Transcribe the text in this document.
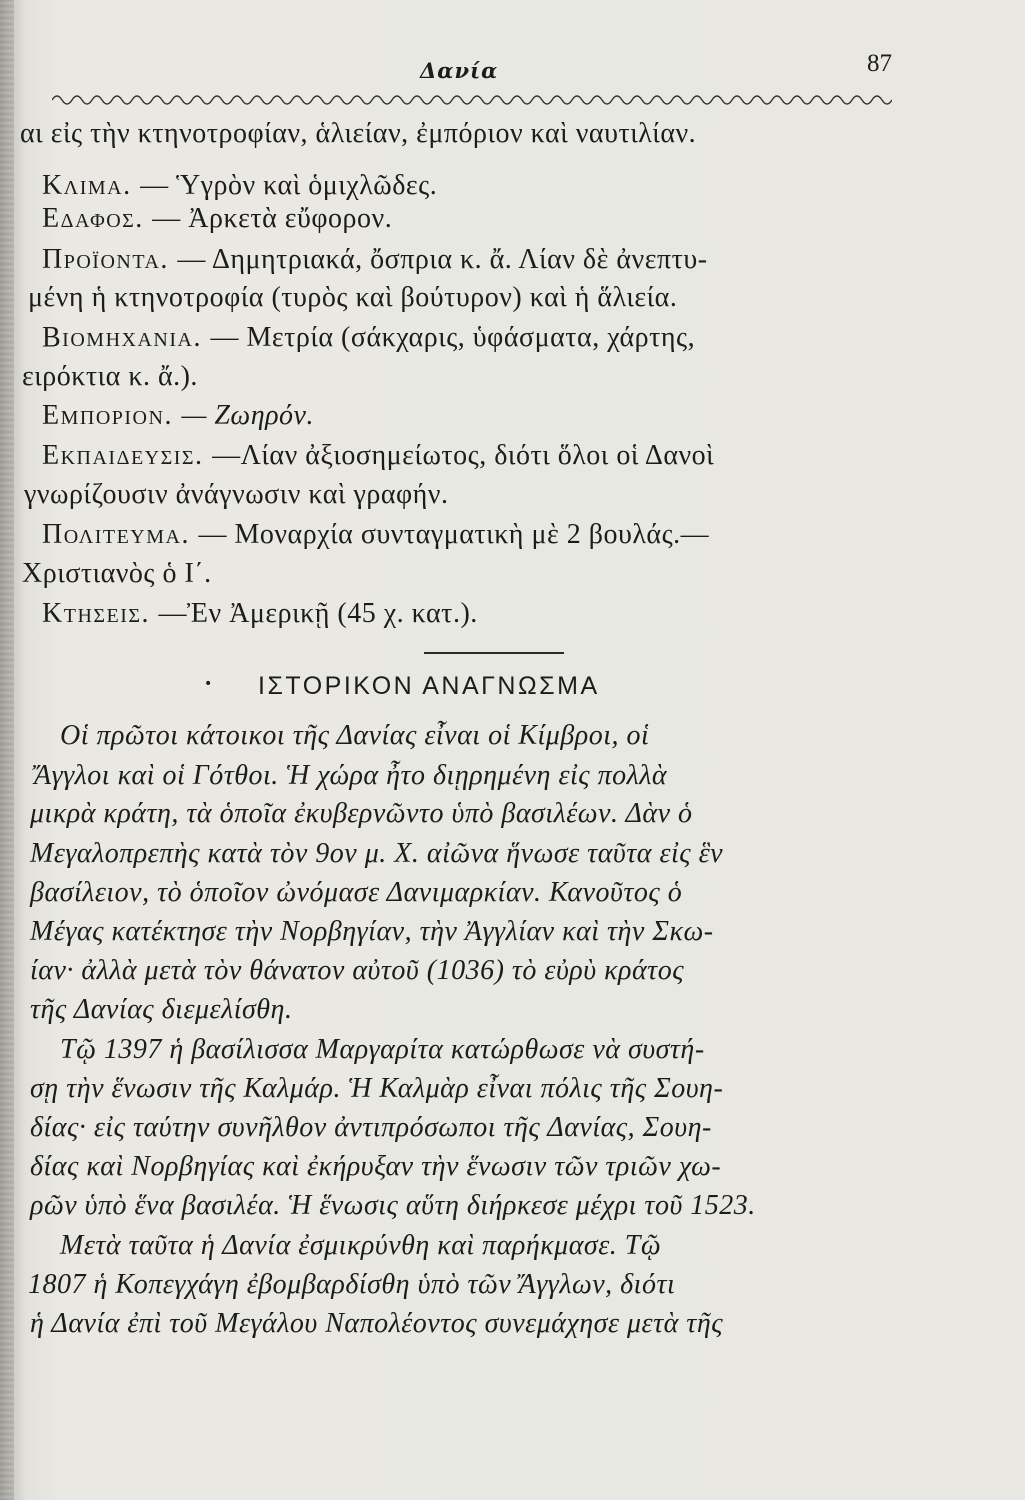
Δανία	87
αι εἰς τὴν κτηνοτροφίαν, ἁλιείαν, ἐμπόριον καὶ ναυτιλίαν.
Κλιμα. — Ὑγρὸν καὶ ὁμιχλῶδες.
Εδαφος. — Ἀρκετὰ εὔφορον.
Προϊοντα. — Δημητριακά, ὄσπρια κ. ἄ. Λίαν δὲ ἀνεπτυ-
μένη ἡ κτηνοτροφία (τυρὸς καὶ βούτυρον) καὶ ἡ ἅλιεία.
Βιομηχανια. — Μετρία (σάκχαρις, ὑφάσματα, χάρτης,
ειρόκτια κ. ἄ.).
Εμποριον. — Ζωηρόν.
Εκπαιδευσις. —Λίαν ἀξιοσημείωτος, διότι ὅλοι οἱ Δανοὶ
γνωρίζουσιν ἀνάγνωσιν καὶ γραφήν.
Πολιτευμα. — Μοναρχία συνταγματικὴ μὲ 2 βουλάς.—
Χριστιανὸς ὁ Ι΄.
Κτησεις. —Ἐν Ἀμερικῇ (45 χ. κατ.).
• ΙΣΤΟΡΙΚΟΝ ΑΝΑΓΝΩΣΜΑ
Οἱ πρῶτοι κάτοικοι τῆς Δανίας εἶναι οἱ Κίμβροι, οἱ
Ἄγγλοι καὶ οἱ Γότθοι. Ἡ χώρα ἦτο διῃρημένη εἰς πολλὰ
μικρὰ κράτη, τὰ ὁποῖα ἐκυβερνῶντο ὑπὸ βασιλέων. Δὰν ὁ
Μεγαλοπρεπὴς κατὰ τὸν 9ον μ. Χ. αἰῶνα ἥνωσε ταῦτα εἰς ἓν
βασίλειον, τὸ ὁποῖον ὠνόμασε Δανιμαρκίαν. Κανοῦτος ὁ
Μέγας κατέκτησε τὴν Νορβηγίαν, τὴν Ἀγγλίαν καὶ τὴν Σκω-
ίαν· ἀλλὰ μετὰ τὸν θάνατον αὐτοῦ (1036) τὸ εὐρὺ κράτος
τῆς Δανίας διεμελίσθη.
Τῷ 1397 ἡ βασίλισσα Μαργαρίτα κατώρθωσε νὰ συστή-
σῃ τὴν ἕνωσιν τῆς Καλμάρ. Ἡ Καλμὰρ εἶναι πόλις τῆς Σουη-
δίας· εἰς ταύτην συνῆλθον ἀντιπρόσωποι τῆς Δανίας, Σουη-
δίας καὶ Νορβηγίας καὶ ἐκήρυξαν τὴν ἕνωσιν τῶν τριῶν χω-
ρῶν ὑπὸ ἕνα βασιλέα. Ἡ ἕνωσις αὕτη διήρκεσε μέχρι τοῦ 1523.
Μετὰ ταῦτα ἡ Δανία ἐσμικρύνθη καὶ παρήκμασε. Τῷ
1807 ἡ Κοπεγχάγη ἐβομβαρδίσθη ὑπὸ τῶν Ἄγγλων, διότι
ἡ Δανία ἐπὶ τοῦ Μεγάλου Ναπολέοντος συνεμάχησε μετὰ τῆς
